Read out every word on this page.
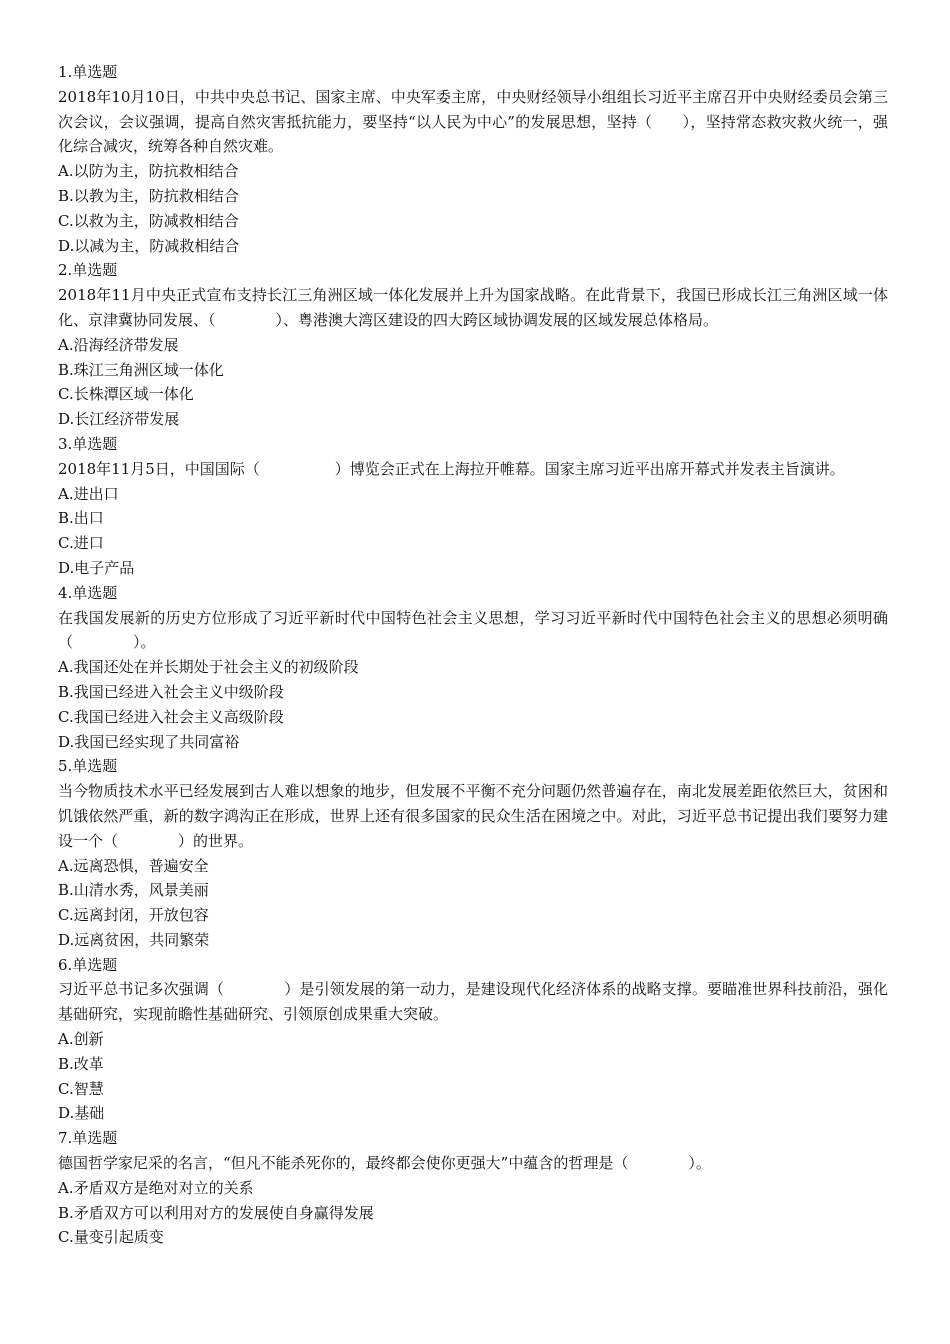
1.单选题

2018年10月10日，中共中央总书记、国家主席、中央军委主席，中央财经领导小组组长习近平主席召开中央财经委员会第三次会议，会议强调，提高自然灾害抵抗能力，要坚持“以人民为中心”的发展思想，坚持（　　），坚持常态救灾救火统一，强化综合减灾，统筹各种自然灾难。

A.以防为主，防抗救相结合

B.以教为主，防抗救相结合

C.以救为主，防减救相结合

D.以减为主，防减救相结合

2.单选题

2018年11月中央正式宣布支持长江三角洲区域一体化发展并上升为国家战略。在此背景下，我国已形成长江三角洲区域一体化、京津冀协同发展、（　　　　）、粤港澳大湾区建设的四大跨区域协调发展的区域发展总体格局。

A.沿海经济带发展

B.珠江三角洲区域一体化

C.长株潭区域一体化

D.长江经济带发展

3.单选题

2018年11月5日，中国国际（　　　　　）博览会正式在上海拉开帷幕。国家主席习近平出席开幕式并发表主旨演讲。

A.进出口

B.出口

C.进口

D.电子产品

4.单选题

在我国发展新的历史方位形成了习近平新时代中国特色社会主义思想，学习习近平新时代中国特色社会主义的思想必须明确（　　　　）。

A.我国还处在并长期处于社会主义的初级阶段

B.我国已经进入社会主义中级阶段

C.我国已经进入社会主义高级阶段

D.我国已经实现了共同富裕

5.单选题

当今物质技术水平已经发展到古人难以想象的地步，但发展不平衡不充分问题仍然普遍存在，南北发展差距依然巨大，贫困和饥饿依然严重，新的数字鸿沟正在形成，世界上还有很多国家的民众生活在困境之中。对此，习近平总书记提出我们要努力建设一个（　　　　）的世界。

A.远离恐惧，普遍安全

B.山清水秀，风景美丽

C.远离封闭，开放包容

D.远离贫困，共同繁荣

6.单选题

习近平总书记多次强调（　　　　）是引领发展的第一动力，是建设现代化经济体系的战略支撑。要瞄准世界科技前沿，强化基础研究，实现前瞻性基础研究、引领原创成果重大突破。

A.创新

B.改革

C.智慧

D.基础

7.单选题

德国哲学家尼采的名言，“但凡不能杀死你的，最终都会使你更强大”中蕴含的哲理是（　　　　）。

A.矛盾双方是绝对对立的关系

B.矛盾双方可以利用对方的发展使自身赢得发展

C.量变引起质变
